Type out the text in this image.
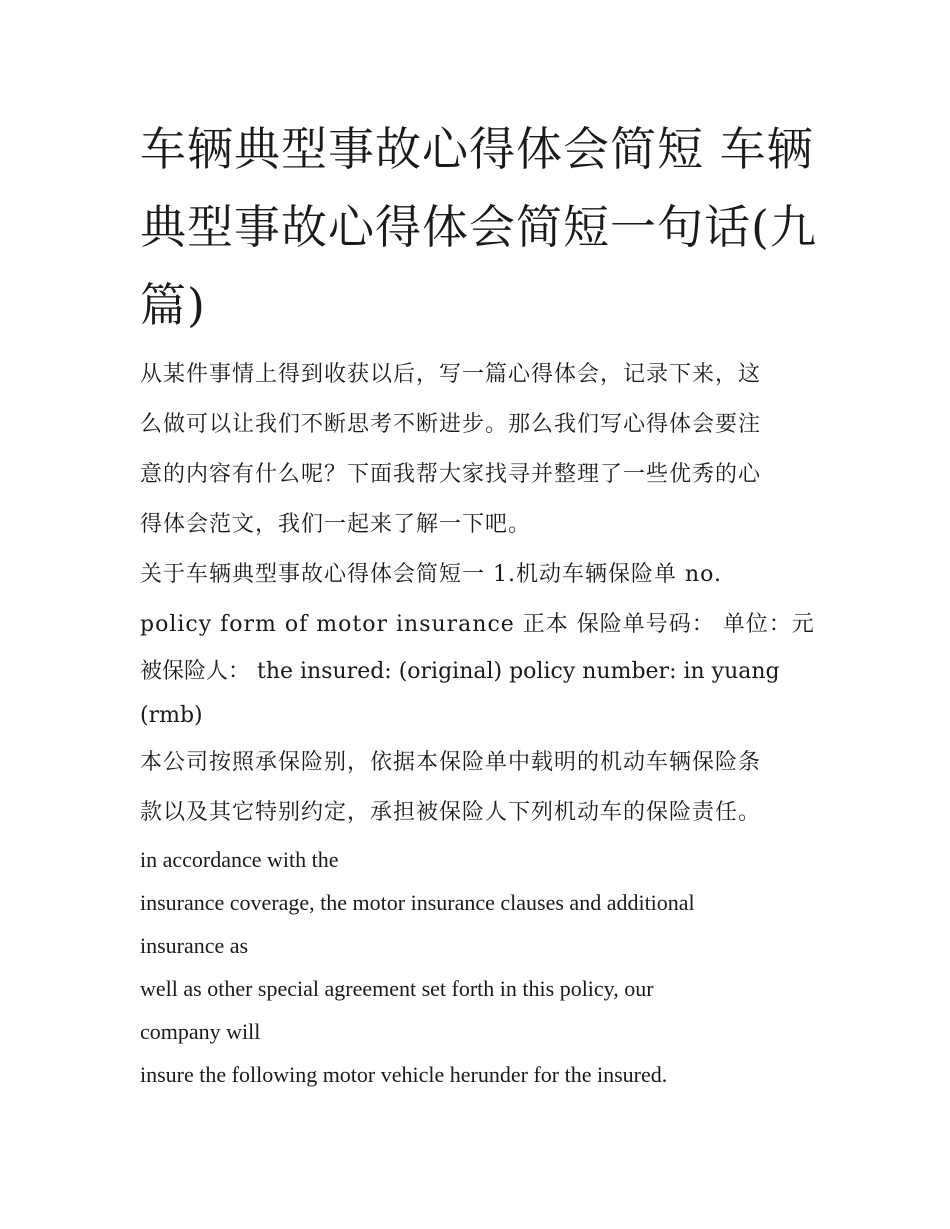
车辆典型事故心得体会简短 车辆典型事故心得体会简短一句话(九篇)

从某件事情上得到收获以后，写一篇心得体会，记录下来，这

么做可以让我们不断思考不断进步。那么我们写心得体会要注

意的内容有什么呢？下面我帮大家找寻并整理了一些优秀的心

得体会范文，我们一起来了解一下吧。

关于车辆典型事故心得体会简短一 1.机动车辆保险单 no.

policy form of motor insurance 正本 保险单号码： 单位：元

被保险人： the insured: (original) policy number: in yuang

(rmb)

本公司按照承保险别，依据本保险单中载明的机动车辆保险条

款以及其它特别约定，承担被保险人下列机动车的保险责任。

in accordance with the

insurance coverage, the motor insurance clauses and additional

insurance as

well as other special agreement set forth in this policy, our

company will

insure the following motor vehicle herunder for the insured.
